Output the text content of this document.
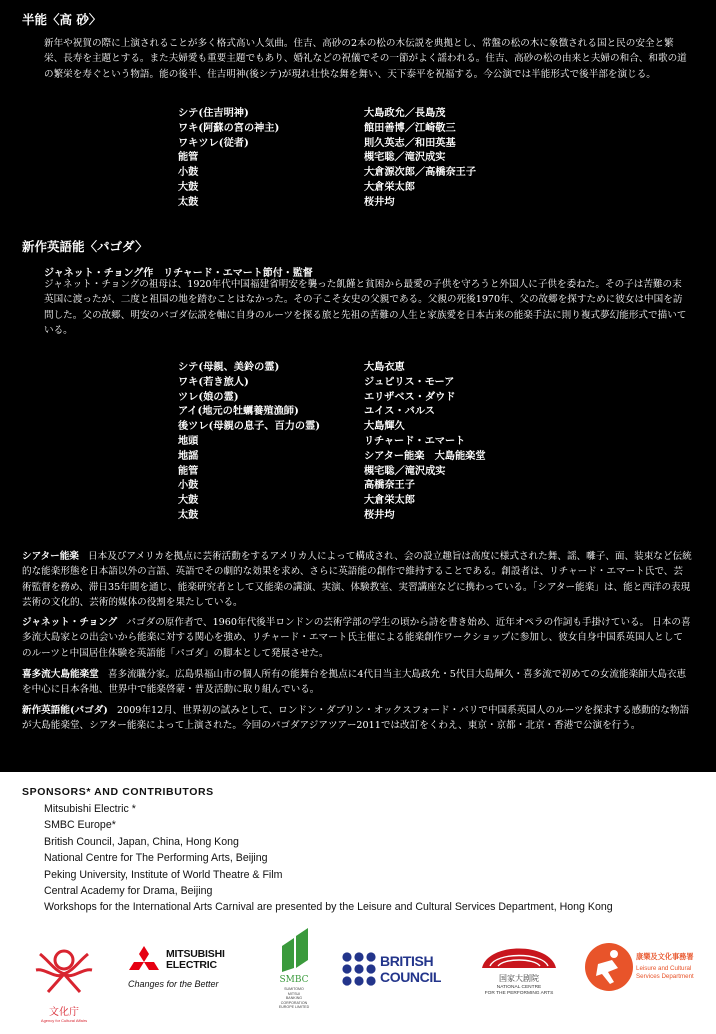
半能〈高 砂〉
新年や祝賀の際に上演されることが多く格式高い人気曲。住吉、高砂の2本の松の木伝説を典拠とし、常盤の松の木に象徴される国と民の安全と繁栄、長寿を主題とする。また夫婦愛も重要主題でもあり、婚礼などの祝儀でその一節がよく謡われる。住吉、高砂の松の由来と夫婦の和合、和歌の道の繁栄を寿ぐという物語。能の後半、住吉明神(後シテ)が現れ壮快な舞を舞い、天下泰平を祝福する。今公演では半能形式で後半部を演じる。
シテ(住吉明神)
ワキ(阿蘇の宮の神主)
ワキツレ(従者)
能管
小鼓
大鼓
太鼓
大島政允／長島茂
館田善博／江崎敬三
則久英志／和田英基
槻宅聡／滝沢成实
大倉源次郎／高橋奈王子
大倉栄太郎
桜井均
新作英語能〈パゴダ〉
ジャネット・チョング作　リチャード・エマート節付・監督
ジャネット・チョングの祖母は、1920年代中国福建省明安を襲った飢饉と貧困から最愛の子供を守ろうと外国人に子供を委ねた。その子は苦難の末英国に渡ったが、二度と祖国の地を踏むことはなかった。その子こそ女史の父親である。父親の死後1970年、父の故郷を探すために彼女は中国を訪問した。父の故郷、明安のパゴダ伝説を軸に自身のルーツを探る旅と先祖の苦難の人生と家族愛を日本古来の能楽手法に則り複式夢幻能形式で描いている。
シテ(母親、美鈴の霊)
ワキ(若き旅人)
ツレ(娘の霊)
アイ(地元の牡蠣養殖漁師)
後ツレ(母親の息子、百力の霊)
地頭
地謡
能管
小鼓
大鼓
太鼓
大島衣恵
ジュピリス・モーア
エリザベス・ダウド
ユイス・バルス
大島輝久
リチャード・エマート
シアター能楽　大島能楽堂
槻宅聡／滝沢成实
高橋奈王子
大倉栄太郎
桜井均
シアター能楽 日本及びアメリカを拠点に芸術活動をするアメリカ人によって構成され、会の設立趣旨は高度に様式された舞、謡、囃子、面、装束など伝統的な能楽形態を日本語以外の言語、英語でその劇的な効果を求め、さらに英語能の創作で維持することである。創設者は、リチャード・エマート氏で、芸術監督を務め、滞日35年間を通じ、能楽研究者として又能楽の講演、実演、体験教室、実習講座などに携わっている。「シアター能楽」は、能と西洋の表現芸術の文化的、芸術的媒体の役割を果たしている。
ジャネット・チョング パゴダの原作者で、1960年代後半ロンドンの芸術学部の学生の頃から詩を書き始め、近年オペラの作詞も手掛けている。 日本の喜多流大島家との出会いから能楽に対する関心を強め、リチャード・エマート氏主催による能楽創作ワークショップに参加し、彼女自身中国系英国人としてのルーツと中国居住体験を英語能「パゴダ」の脚本として発展させた。
喜多流大島能楽堂 喜多流職分家。広島県福山市の個人所有の能舞台を拠点に4代目当主大島政允・5代目大島輝久・喜多流で初めての女流能楽師大島衣恵を中心に日本各地、世界中で能楽啓蒙・普及活動に取り組んでいる。
新作英語能(パゴダ) 2009年12月、世界初の試みとして、ロンドン・ダブリン・オックスフォード・パリで中国系英国人のルーツを探求する感動的な物語が大島能楽堂、シアター能楽によって上演された。今回のパゴダアジアツアー2011では改訂をくわえ、東京・京都・北京・香港で公演を行う。
SPONSORS* AND CONTRIBUTORS
Mitsubishi Electric *
SMBC Europe*
British Council, Japan, China, Hong Kong
National Centre for The Performing Arts, Beijing
Peking University, Institute of World Theatre & Film
Central Academy for Drama, Beijing
Workshops for the International Arts Carnival are presented by the Leisure and Cultural Services Department, Hong Kong
文化庁
Agency for Cultural Affairs
MITSUBISHI
ELECTRIC
Changes for the Better	SMBC
SUMITOMO
MITSUI
BANKING
CORPORATION
EUROPE LIMITED
BRITISH
COUNCIL	国家大剧院
NATIONAL CENTRE
FOR THE PERFORMING ARTS
康樂及文化事務署
Leisure and Cultural
Services Department
